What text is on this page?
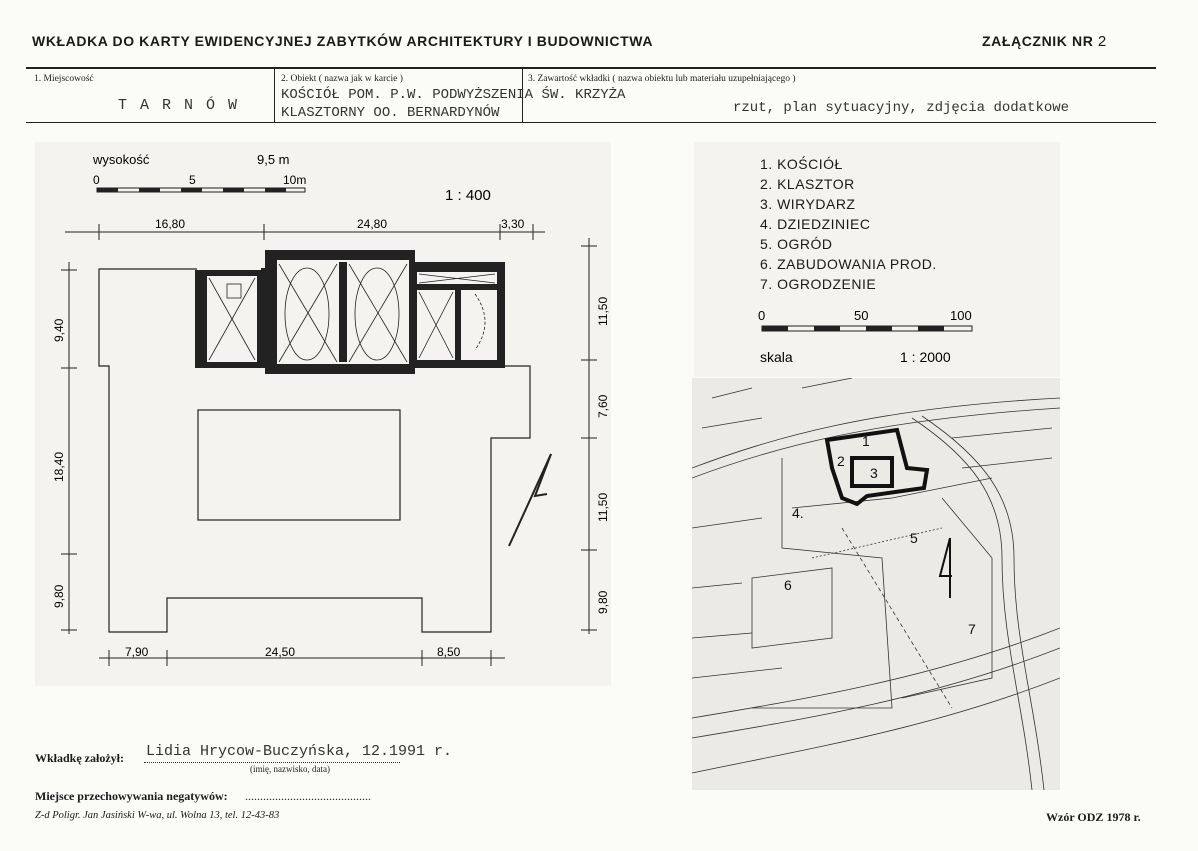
WKŁADKA DO KARTY EWIDENCYJNEJ ZABYTKÓW ARCHITEKTURY I BUDOWNICTWA	ZAŁĄCZNIK NR 2
1. Miejscowość
T A R N Ó W
2. Obiekt ( nazwa jak w karcie )
KOŚCIÓŁ POM. P.W. PODWYŻSZENIA ŚW. KRZYŻA
KLASZTORNY OO. BERNARDYNÓW
3. Zawartość wkładki ( nazwa obiektu lub materiału uzupełniającego )
rzut, plan sytuacyjny, zdjęcia dodatkowe
wysokość	9,5 m
0	5	10m
1 : 400
16,80	24,80	3,30
9,40
18,40
9,80
11,50
7,60
11,50
9,80
7,90	24,50	8,50
1. KOŚCIÓŁ
2. KLASZTOR
3. WIRYDARZ
4. DZIEDZINIEC
5. OGRÓD
6. ZABUDOWANIA PROD.
7. OGRODZENIE
0	50	100
skala	1 : 2000
1
2
3
4.
5
6
7
Wkładkę założył: Lidia Hrycow-Buczyńska, 12.1991 r.
(imię, nazwisko, data)
Miejsce przechowywania negatywów: ..........................................
Z-d Poligr. Jan Jasiński W-wa, ul. Wolna 13, tel. 12-43-83	Wzór ODZ 1978 r.
